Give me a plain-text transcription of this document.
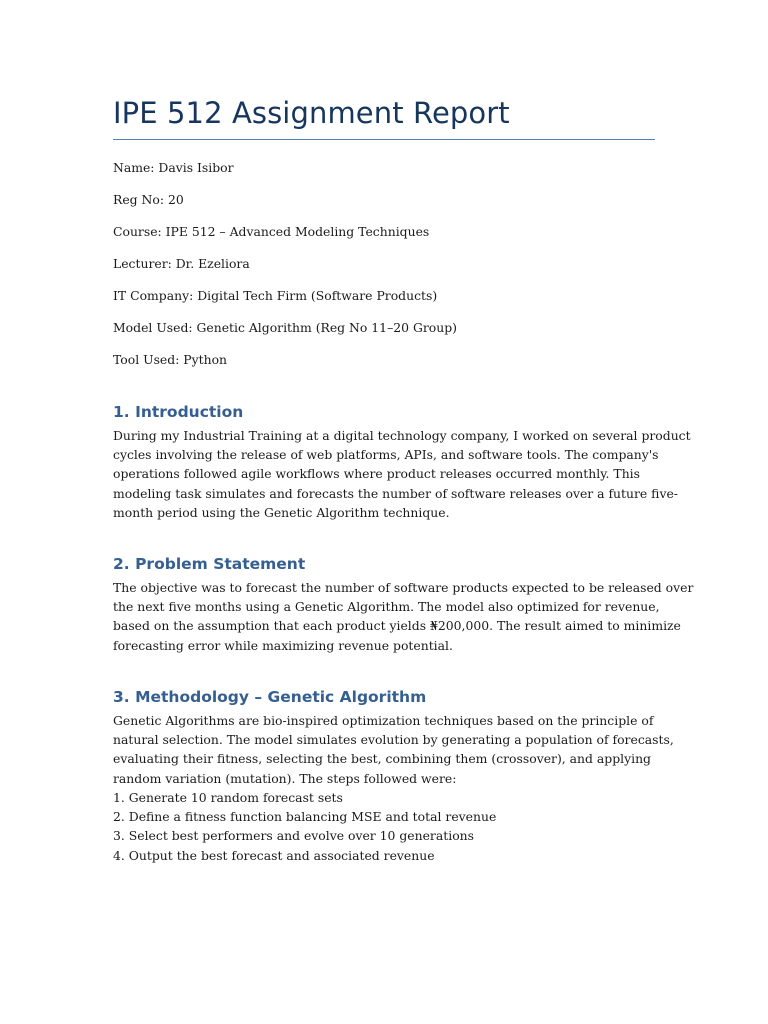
IPE 512 Assignment Report

Name: Davis Isibor

Reg No: 20

Course: IPE 512 – Advanced Modeling Techniques

Lecturer: Dr. Ezeliora

IT Company: Digital Tech Firm (Software Products)

Model Used: Genetic Algorithm (Reg No 11–20 Group)

Tool Used: Python

1. Introduction
During my Industrial Training at a digital technology company, I worked on several product
cycles involving the release of web platforms, APIs, and software tools. The company's
operations followed agile workflows where product releases occurred monthly. This
modeling task simulates and forecasts the number of software releases over a future five-
month period using the Genetic Algorithm technique.
2. Problem Statement
The objective was to forecast the number of software products expected to be released over
the next five months using a Genetic Algorithm. The model also optimized for revenue,
based on the assumption that each product yields ₦200,000. The result aimed to minimize
forecasting error while maximizing revenue potential.
3. Methodology – Genetic Algorithm
Genetic Algorithms are bio-inspired optimization techniques based on the principle of
natural selection. The model simulates evolution by generating a population of forecasts,
evaluating their fitness, selecting the best, combining them (crossover), and applying
random variation (mutation). The steps followed were:
1. Generate 10 random forecast sets
2. Define a fitness function balancing MSE and total revenue
3. Select best performers and evolve over 10 generations
4. Output the best forecast and associated revenue
